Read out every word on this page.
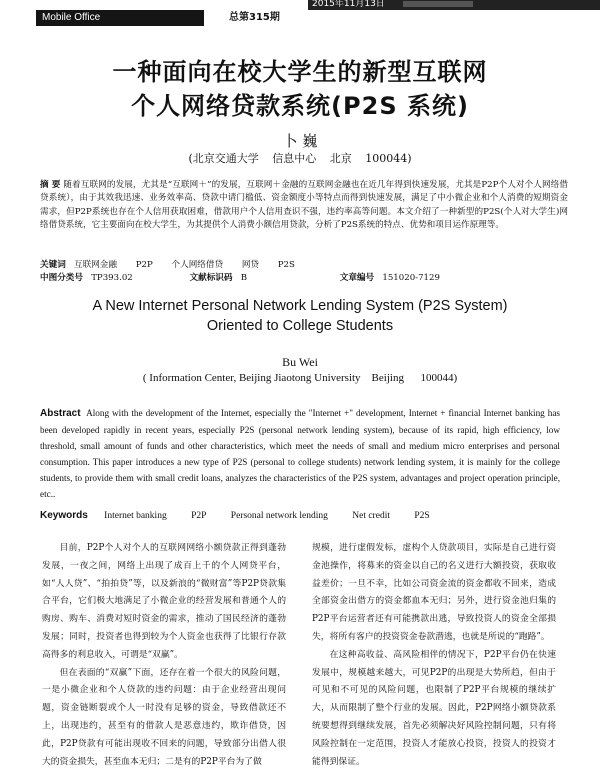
Mobile Office	总第315期
2015年11月13日
一种面向在校大学生的新型互联网
个人网络贷款系统(P2S 系统)
卜 巍
(北京交通大学 信息中心 北京 100044)
摘 要 随着互联网的发展，尤其是“互联网＋”的发展，互联网＋金融的互联网金融也在近几年得到快速发展，尤其是P2P个人对个人网络借贷系统），由于其效我迅速、业务效率高、贷款中请门槛低、资金额度小等特点而得到快速发展，满足了中小微企业和个人消费的短期资金需求，但P2P系统也存在个人信用获取困难，借款用户个人信用查识不强，违约率高等问题。本文介绍了一种新型的P2S(个人对大学生)网络借贷系统，它主要面向在校大学生，为其提供个人消费小额信用贷款，分析了P2S系统的特点、优势和项目运作原理等。
关键词 互联网金融 P2P 个人网络借贷 网贷 P2S
中图分类号 TP393.02	文献标识码 B	文章编号 151020-7129
A New Internet Personal Network Lending System (P2S System)
Oriented to College Students
Bu Wei
( Information Center, Beijing Jiaotong University    Beijing      100044)
Abstract Along with the development of the Internet, especially the "Internet +" development, Internet + financial Internet banking has been developed rapidly in recent years, especially P2S (personal network lending system), because of its rapid, high efficiency, low threshold, small amount of funds and other characteristics, which meet the needs of small and medium micro enterprises and personal consumption. This paper introduces a new type of P2S (personal to college students) network lending system, it is mainly for the college students, to provide them with small credit loans, analyzes the characteristics of the P2S system, advantages and project operation principle, etc..
Keywords Internet banking	P2P	Personal network lending	Net credit	P2S

目前，P2P个人对个人的互联网网络小额贷款正得到蓬勃发展，一夜之间，网络上出现了成百上千的个人网贷平台，如“人人贷”、“拍拍贷”等，以及新浪的“微财富”等P2P贷款集合平台，它们极大地满足了小微企业的经营发展和普通个人的购房、购车、消费对短时资金的需求，推动了国民经济的蓬勃发展；同时，投资者也得到较为个人资金也获得了比银行存款高得多的利息收入，可谓是“双赢”。

但在表面的“双赢”下面，还存在着一个很大的风险问题，一是小微企业和个人贷款的违约问题：由于企业经营出现问题，资金链断裂或个人一时没有足够的资金，导致借款还不上，出现违约，甚至有的借款人是恶意违约，欺诈借贷，因此，P2P贷款有可能出现收不回来的问题，导致部分出借人很大的资金损失，甚至血本无归；二是有的P2P平台为了做

规模，进行虚假发标，虚构个人贷款项目，实际是自己进行资金池操作，将募来的资金以自己的名义进行大额投资，获取收益差价；一旦不幸，比如公司资金流的资金都收不回来，造成全部资金出借方的资金都血本无归；另外，进行资金池归集的P2P平台运营者还有可能携款出逃，导致投资人的资金全部损失，将所有客户的投资资金卷款潜逃，也就是所说的“跑路”。

在这种高收益、高风险相伴的情况下，P2P平台仍在快速发展中，规模越来越大，可见P2P的出现是大势所趋，但由于可见和不可见的风险问题，也限制了P2P平台规模的继续扩大，从而限制了整个行业的发展。因此，P2P网络小额贷款系统要想得到继续发展，首先必须解决好风险控制问题，只有将风险控制在一定范围，投资人才能放心投资，投资人的投资才能得到保证。
